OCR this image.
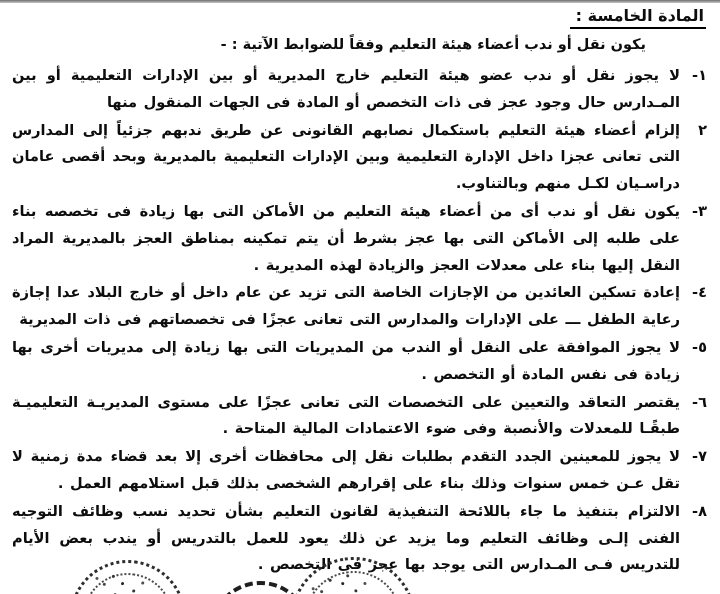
المادة الخامسة :
يكون نقل أو ندب أعضاء هيئة التعليم وفقاً للضوابط الآتية : -
١-
لا يجوز نقل أو ندب عضو هيئة التعليم خارج المديرية أو بين الإدارات التعليمية أو بين المـدارس حال وجود عجز فى ذات التخصص أو المادة فى الجهات المنقول منها
٢
إلزام أعضاء هيئة التعليم باستكمال نصابهم القانونى عن طريق ندبهم جزئياً إلى المدارس التى تعانى عجزا داخل الإدارة التعليمية وبين الإدارات التعليمية بالمديرية وبحد أقصى عامان دراسـيان لكـل منهم وبالتناوب.
٣-
يكون نقل أو ندب أى من أعضاء هيئة التعليم من الأماكن التى بها زيادة فى تخصصه بناء على طلبه إلى الأماكن التى بها عجز بشرط أن يتم تمكينه بمناطق العجز بالمديرية المراد النقل إليها بناء على معدلات العجز والزيادة لهذه المديرية .
٤-
إعادة تسكين العائدين من الإجازات الخاصة التى تزيد عن عام داخل أو خارج البلاد عدا إجازة رعاية الطفل ـــ على الإدارات والمدارس التى تعانى عجزًا فى تخصصاتهم فى ذات المديرية
٥-
لا يجوز الموافقة على النقل أو الندب من المديريات التى بها زيادة إلى مديريات أخرى بها زيادة فى نفس المادة أو التخصص .
٦-
يقتصر التعاقد والتعيين على التخصصات التى تعانى عجزًا على مستوى المديريـة التعليميـة طبقًـا للمعدلات والأنصبة وفى ضوء الاعتمادات المالية المتاحة .
٧-
لا يجوز للمعينين الجدد التقدم بطلبات نقل إلى محافظات أخرى إلا بعد قضاء مدة زمنية لا تقل عـن خمس سنوات وذلك بناء على إقرارهم الشخصى بذلك قبل استلامهم العمل .
٨-
الالتزام بتنفيذ ما جاء باللائحة التنفيذية لقانون التعليم بشأن تحديد نسب وظائف التوجيه الفنى إلـى وظائف التعليم وما يزيد عن ذلك يعود للعمل بالتدريس أو يندب بعض الأيام للتدريس فـى المـدارس التى يوجد بها عجز فى التخصص .
